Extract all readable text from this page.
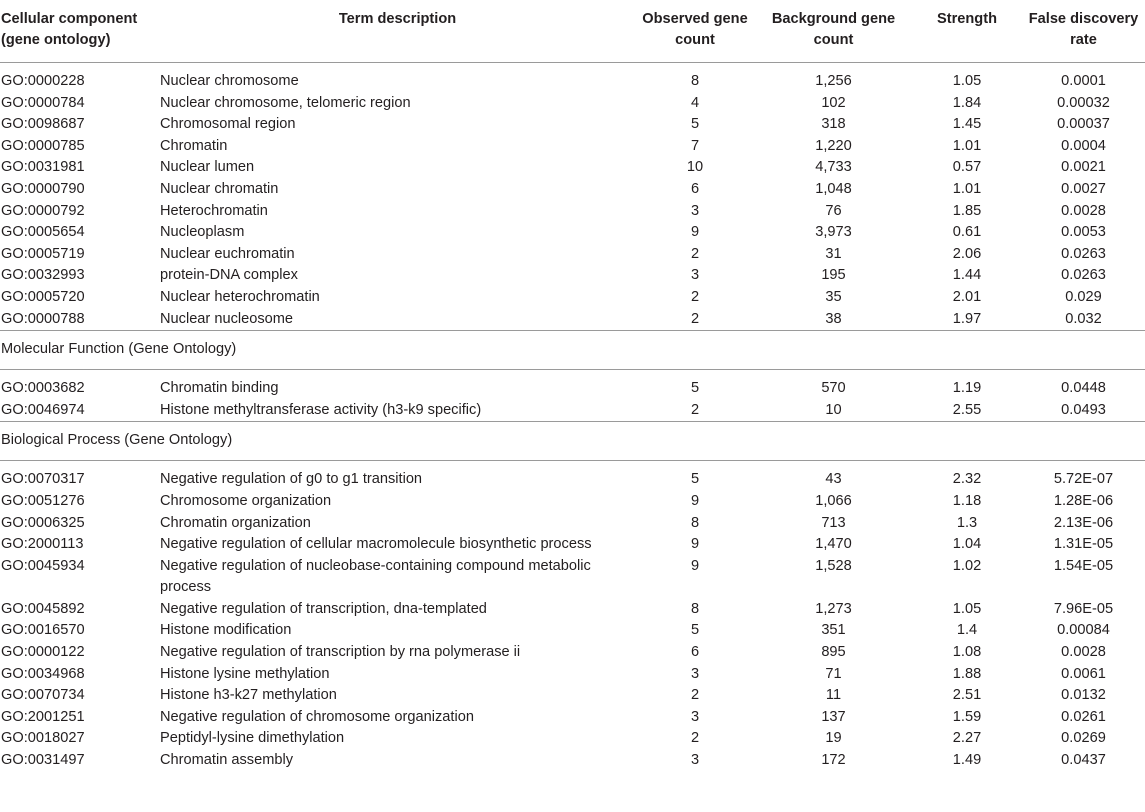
Cellular component (gene ontology)	Term description	Observed gene count	Background gene count	Strength	False discovery rate
GO:0000228	Nuclear chromosome	8	1,256	1.05	0.0001
GO:0000784	Nuclear chromosome, telomeric region	4	102	1.84	0.00032
GO:0098687	Chromosomal region	5	318	1.45	0.00037
GO:0000785	Chromatin	7	1,220	1.01	0.0004
GO:0031981	Nuclear lumen	10	4,733	0.57	0.0021
GO:0000790	Nuclear chromatin	6	1,048	1.01	0.0027
GO:0000792	Heterochromatin	3	76	1.85	0.0028
GO:0005654	Nucleoplasm	9	3,973	0.61	0.0053
GO:0005719	Nuclear euchromatin	2	31	2.06	0.0263
GO:0032993	protein-DNA complex	3	195	1.44	0.0263
GO:0005720	Nuclear heterochromatin	2	35	2.01	0.029
GO:0000788	Nuclear nucleosome	2	38	1.97	0.032
Molecular Function (Gene Ontology)					
GO:0003682	Chromatin binding	5	570	1.19	0.0448
GO:0046974	Histone methyltransferase activity (h3-k9 specific)	2	10	2.55	0.0493
Biological Process (Gene Ontology)					
GO:0070317	Negative regulation of g0 to g1 transition	5	43	2.32	5.72E-07
GO:0051276	Chromosome organization	9	1,066	1.18	1.28E-06
GO:0006325	Chromatin organization	8	713	1.3	2.13E-06
GO:2000113	Negative regulation of cellular macromolecule biosynthetic process	9	1,470	1.04	1.31E-05
GO:0045934	Negative regulation of nucleobase-containing compound metabolic process	9	1,528	1.02	1.54E-05
GO:0045892	Negative regulation of transcription, dna-templated	8	1,273	1.05	7.96E-05
GO:0016570	Histone modification	5	351	1.4	0.00084
GO:0000122	Negative regulation of transcription by rna polymerase ii	6	895	1.08	0.0028
GO:0034968	Histone lysine methylation	3	71	1.88	0.0061
GO:0070734	Histone h3-k27 methylation	2	11	2.51	0.0132
GO:2001251	Negative regulation of chromosome organization	3	137	1.59	0.0261
GO:0018027	Peptidyl-lysine dimethylation	2	19	2.27	0.0269
GO:0031497	Chromatin assembly	3	172	1.49	0.0437
